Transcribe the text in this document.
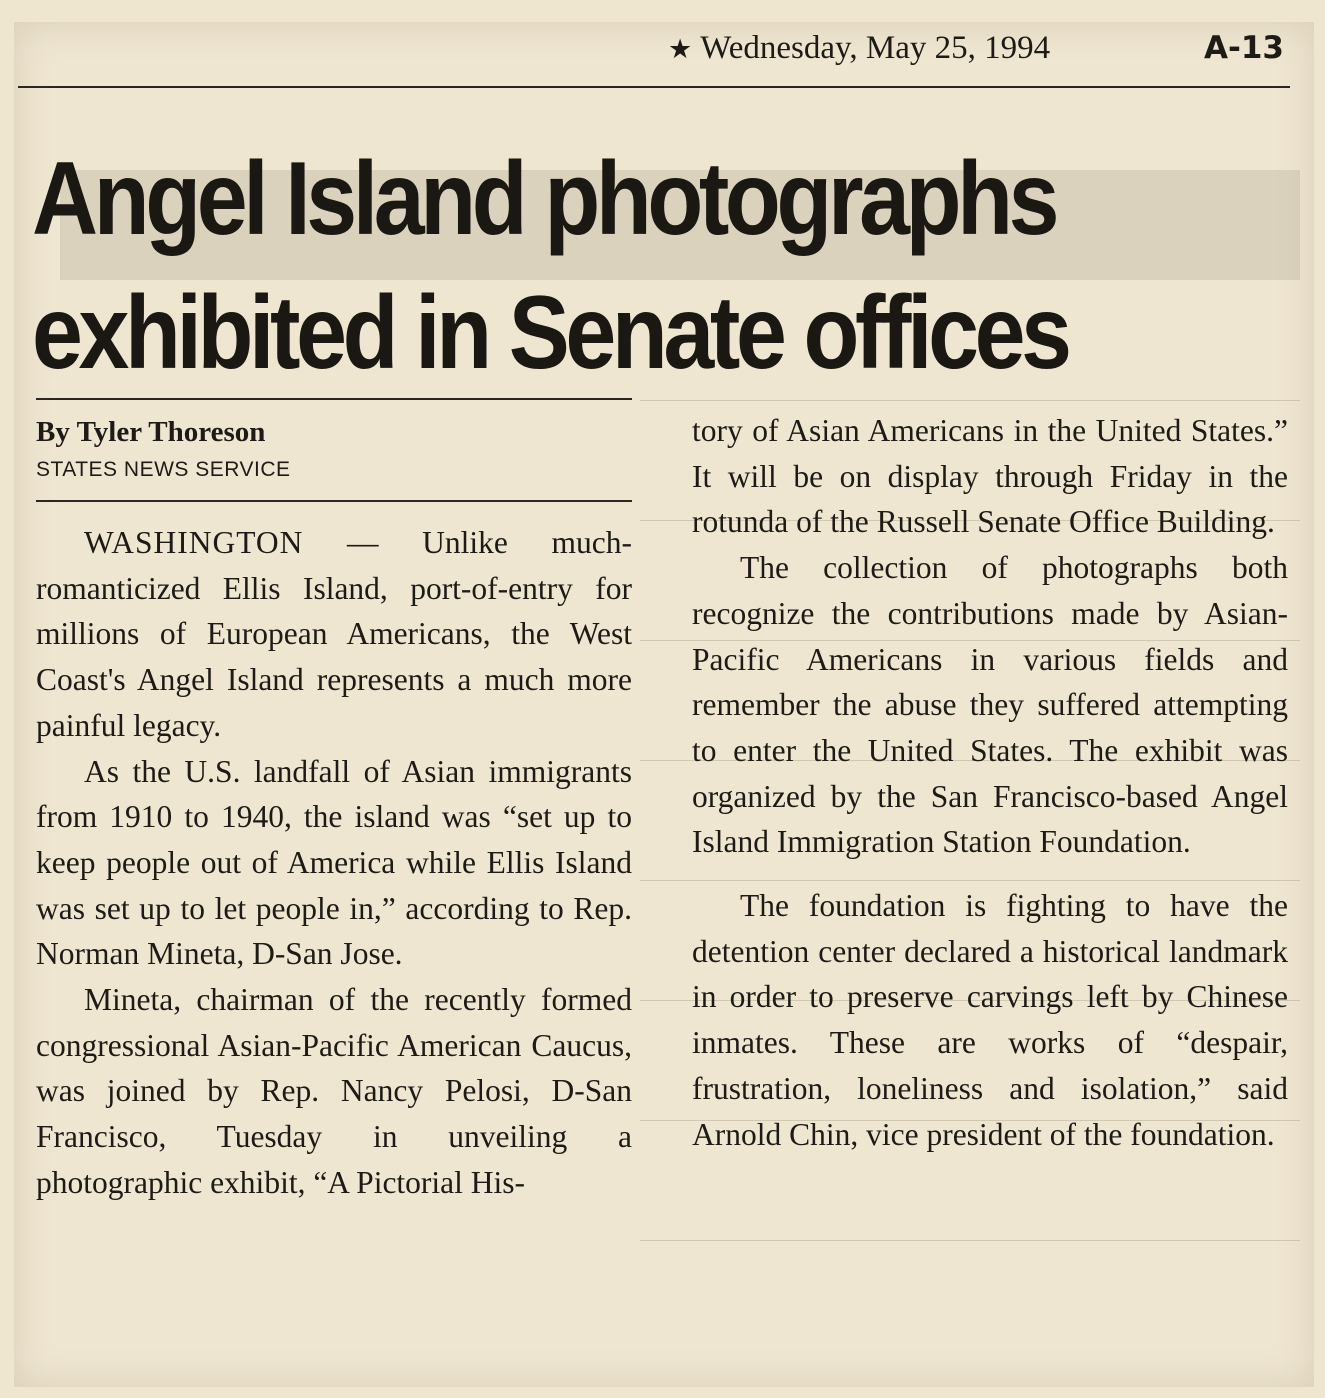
★ Wednesday, May 25, 1994	A-13
Angel Island photographs
exhibited in Senate offices
By Tyler Thoreson
STATES NEWS SERVICE

WASHINGTON — Unlike much-romanticized Ellis Island, port-of-entry for millions of European Americans, the West Coast's Angel Island represents a much more painful legacy.

As the U.S. landfall of Asian immigrants from 1910 to 1940, the island was “set up to keep people out of America while Ellis Island was set up to let people in,” according to Rep. Norman Mineta, D-San Jose.

Mineta, chairman of the recently formed congressional Asian-Pacific American Caucus, was joined by Rep. Nancy Pelosi, D-San Francisco, Tuesday in unveiling a photographic exhibit, “A Pictorial His-

tory of Asian Americans in the United States.” It will be on display through Friday in the rotunda of the Russell Senate Office Building.

The collection of photographs both recognize the contributions made by Asian-Pacific Americans in various fields and remember the abuse they suffered attempting to enter the United States. The exhibit was organized by the San Francisco-based Angel Island Immigration Station Foundation.

The foundation is fighting to have the detention center declared a historical landmark in order to preserve carvings left by Chinese inmates. These are works of “despair, frustration, loneliness and isolation,” said Arnold Chin, vice president of the foundation.
